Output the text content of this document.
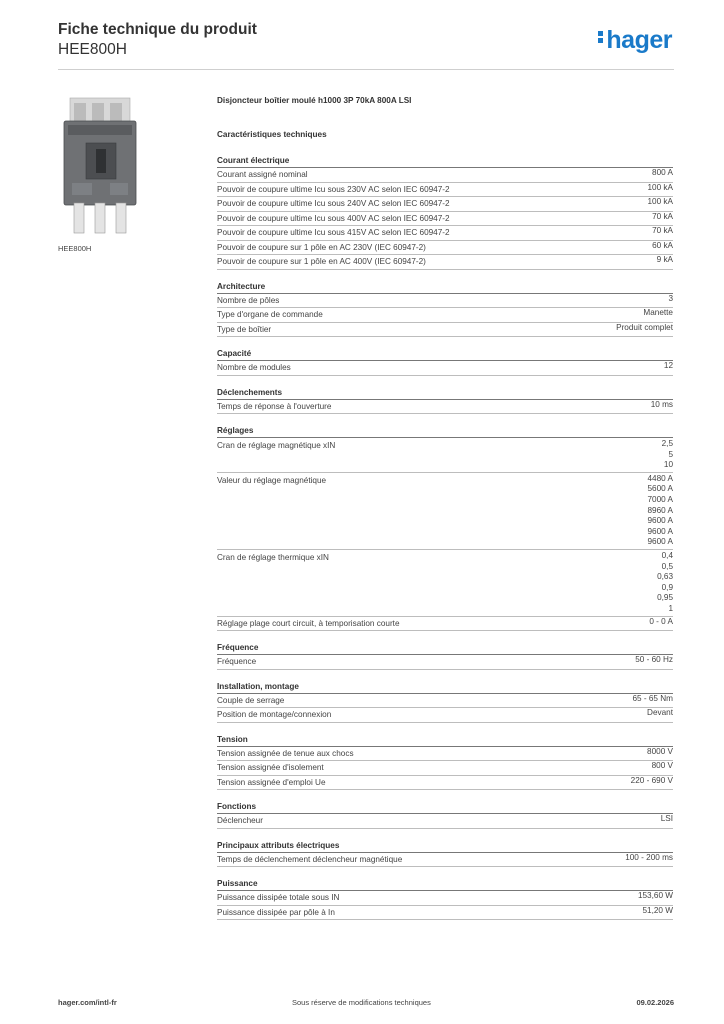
Fiche technique du produit
HEE800H	hager
HEE800H
Disjoncteur boîtier moulé h1000 3P 70kA 800A LSI
Caractéristiques techniques
Courant électrique
Courant assigné nominal	800 A
Pouvoir de coupure ultime Icu sous 230V AC selon IEC 60947-2	100 kA
Pouvoir de coupure ultime Icu sous 240V AC selon IEC 60947-2	100 kA
Pouvoir de coupure ultime Icu sous 400V AC selon IEC 60947-2	70 kA
Pouvoir de coupure ultime Icu sous 415V AC selon IEC 60947-2	70 kA
Pouvoir de coupure sur 1 pôle en AC 230V (IEC 60947-2)	60 kA
Pouvoir de coupure sur 1 pôle en AC 400V (IEC 60947-2)	9 kA
Architecture
Nombre de pôles	3
Type d'organe de commande	Manette
Type de boîtier	Produit complet
Capacité
Nombre de modules	12
Déclenchements
Temps de réponse à l'ouverture	10 ms
Réglages
Cran de réglage magnétique xIN	2,5
5
10
Valeur du réglage magnétique	4480 A
5600 A
7000 A
8960 A
9600 A
9600 A
9600 A
Cran de réglage thermique xIN	0,4
0,5
0,63
0,9
0,95
1
Réglage plage court circuit, à temporisation courte	0 - 0 A
Fréquence
Fréquence	50 - 60 Hz
Installation, montage
Couple de serrage	65 - 65 Nm
Position de montage/connexion	Devant
Tension
Tension assignée de tenue aux chocs	8000 V
Tension assignée d'isolement	800 V
Tension assignée d'emploi Ue	220 - 690 V
Fonctions
Déclencheur	LSI
Principaux attributs électriques
Temps de déclenchement déclencheur magnétique	100 - 200 ms
Puissance
Puissance dissipée totale sous IN	153,60 W
Puissance dissipée par pôle à In	51,20 W
hager.com/intl-fr	Sous réserve de modifications techniques	09.02.2026
